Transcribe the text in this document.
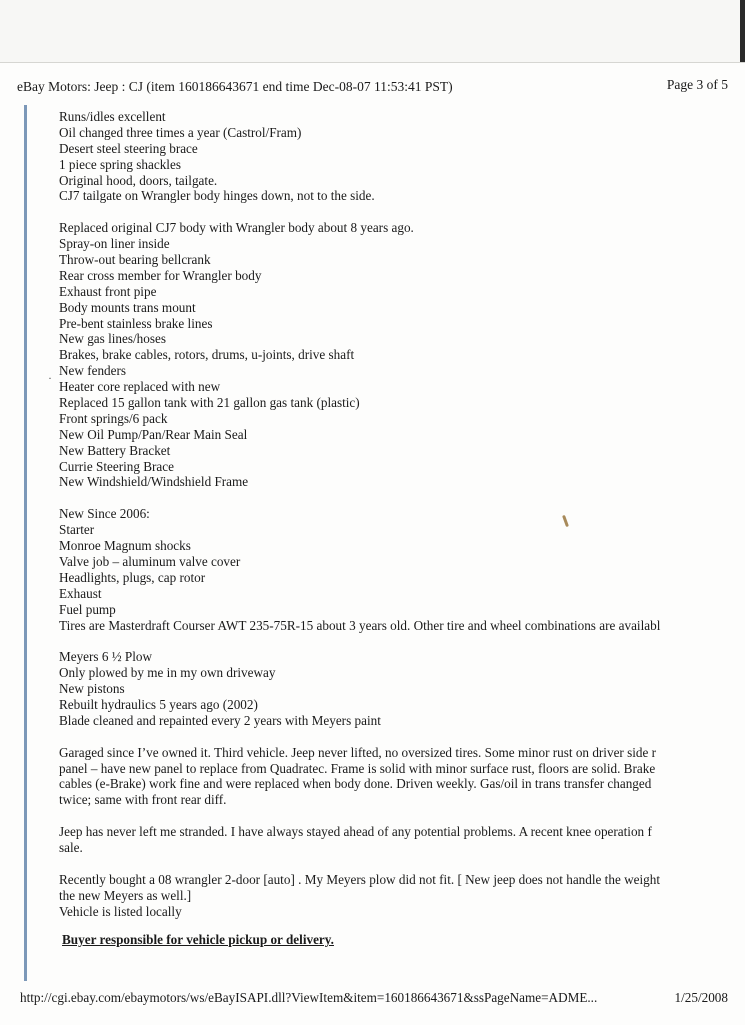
eBay Motors: Jeep : CJ (item 160186643671 end time Dec-08-07 11:53:41 PST)	Page 3 of 5
·
Runs/idles excellent
Oil changed three times a year (Castrol/Fram)
Desert steel steering brace
1 piece spring shackles
Original hood, doors, tailgate.
CJ7 tailgate on Wrangler body hinges down, not to the side.
Replaced original CJ7 body with Wrangler body about 8 years ago.
Spray-on liner inside
Throw-out bearing bellcrank
Rear cross member for Wrangler body
Exhaust front pipe
Body mounts trans mount
Pre-bent stainless brake lines
New gas lines/hoses
Brakes, brake cables, rotors, drums, u-joints, drive shaft
New fenders
Heater core replaced with new
Replaced 15 gallon tank with 21 gallon gas tank (plastic)
Front springs/6 pack
New Oil Pump/Pan/Rear Main Seal
New Battery Bracket
Currie Steering Brace
New Windshield/Windshield Frame
New Since 2006:
Starter
Monroe Magnum shocks
Valve job – aluminum valve cover
Headlights, plugs, cap rotor
Exhaust
Fuel pump
Tires are Masterdraft Courser AWT 235-75R-15 about 3 years old. Other tire and wheel combinations are availabl
Meyers 6 ½ Plow
Only plowed by me in my own driveway
New pistons
Rebuilt hydraulics 5 years ago (2002)
Blade cleaned and repainted every 2 years with Meyers paint
Garaged since I’ve owned it. Third vehicle. Jeep never lifted, no oversized tires. Some minor rust on driver side r
panel – have new panel to replace from Quadratec. Frame is solid with minor surface rust, floors are solid. Brake
cables (e-Brake) work fine and were replaced when body done. Driven weekly. Gas/oil in trans transfer changed
twice; same with front rear diff.
Jeep has never left me stranded. I have always stayed ahead of any potential problems. A recent knee operation f
sale.
Recently bought a 08 wrangler 2-door [auto] . My Meyers plow did not fit. [ New jeep does not handle the weight
the new Meyers as well.]
Vehicle is listed locally
Buyer responsible for vehicle pickup or delivery.
http://cgi.ebay.com/ebaymotors/ws/eBayISAPI.dll?ViewItem&item=160186643671&ssPageName=ADME...	1/25/2008
